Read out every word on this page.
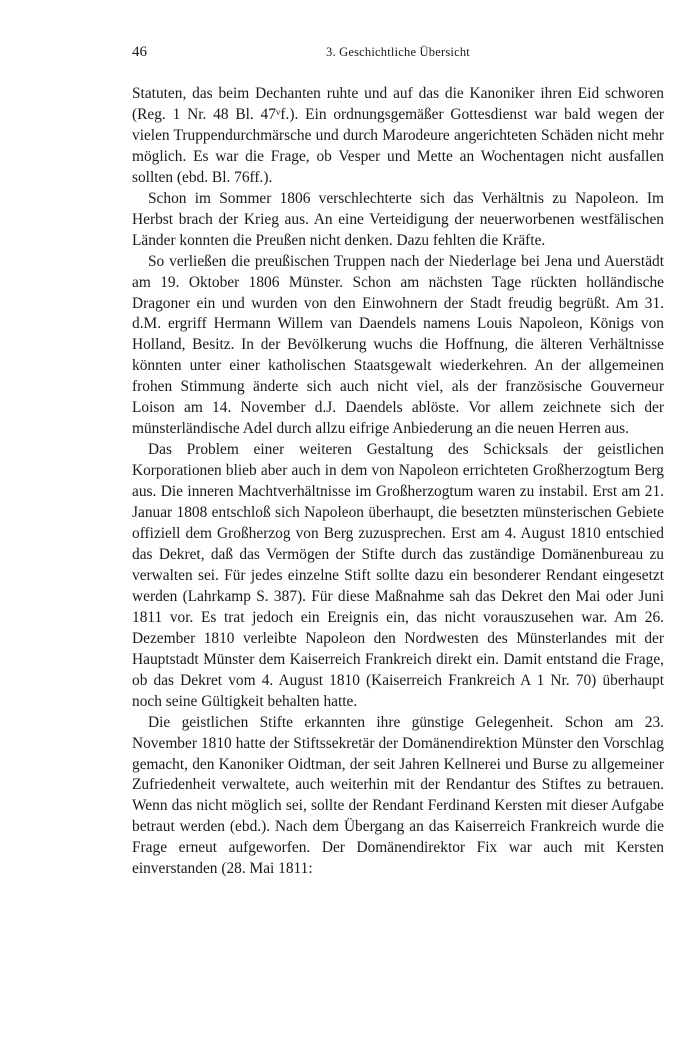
46	3. Geschichtliche Übersicht

Statuten, das beim Dechanten ruhte und auf das die Kanoniker ihren Eid schworen (Reg. 1 Nr. 48 Bl. 47ᵛf.). Ein ordnungsgemäßer Gottesdienst war bald wegen der vielen Truppendurchmärsche und durch Marodeure angerichteten Schäden nicht mehr möglich. Es war die Frage, ob Vesper und Mette an Wochentagen nicht ausfallen sollten (ebd. Bl. 76ff.).

Schon im Sommer 1806 verschlechterte sich das Verhältnis zu Napoleon. Im Herbst brach der Krieg aus. An eine Verteidigung der neuerworbenen westfälischen Länder konnten die Preußen nicht denken. Dazu fehlten die Kräfte.

So verließen die preußischen Truppen nach der Niederlage bei Jena und Auerstädt am 19. Oktober 1806 Münster. Schon am nächsten Tage rückten holländische Dragoner ein und wurden von den Einwohnern der Stadt freudig begrüßt. Am 31. d.M. ergriff Hermann Willem van Daendels namens Louis Napoleon, Königs von Holland, Besitz. In der Bevölkerung wuchs die Hoffnung, die älteren Verhältnisse könnten unter einer katholischen Staatsgewalt wiederkehren. An der allgemeinen frohen Stimmung änderte sich auch nicht viel, als der französische Gouverneur Loison am 14. November d.J. Daendels ablöste. Vor allem zeichnete sich der münsterländische Adel durch allzu eifrige Anbiederung an die neuen Herren aus.

Das Problem einer weiteren Gestaltung des Schicksals der geistlichen Korporationen blieb aber auch in dem von Napoleon errichteten Großherzogtum Berg aus. Die inneren Machtverhältnisse im Großherzogtum waren zu instabil. Erst am 21. Januar 1808 entschloß sich Napoleon überhaupt, die besetzten münsterischen Gebiete offiziell dem Großherzog von Berg zuzusprechen. Erst am 4. August 1810 entschied das Dekret, daß das Vermögen der Stifte durch das zuständige Domänenbureau zu verwalten sei. Für jedes einzelne Stift sollte dazu ein besonderer Rendant eingesetzt werden (Lahrkamp S. 387). Für diese Maßnahme sah das Dekret den Mai oder Juni 1811 vor. Es trat jedoch ein Ereignis ein, das nicht vorauszusehen war. Am 26. Dezember 1810 verleibte Napoleon den Nordwesten des Münsterlandes mit der Hauptstadt Münster dem Kaiserreich Frankreich direkt ein. Damit entstand die Frage, ob das Dekret vom 4. August 1810 (Kaiserreich Frankreich A 1 Nr. 70) überhaupt noch seine Gültigkeit behalten hatte.

Die geistlichen Stifte erkannten ihre günstige Gelegenheit. Schon am 23. November 1810 hatte der Stiftssekretär der Domänendirektion Münster den Vorschlag gemacht, den Kanoniker Oidtman, der seit Jahren Kellnerei und Burse zu allgemeiner Zufriedenheit verwaltete, auch weiterhin mit der Rendantur des Stiftes zu betrauen. Wenn das nicht möglich sei, sollte der Rendant Ferdinand Kersten mit dieser Aufgabe betraut werden (ebd.). Nach dem Übergang an das Kaiserreich Frankreich wurde die Frage erneut aufgeworfen. Der Domänendirektor Fix war auch mit Kersten einverstanden (28. Mai 1811:
